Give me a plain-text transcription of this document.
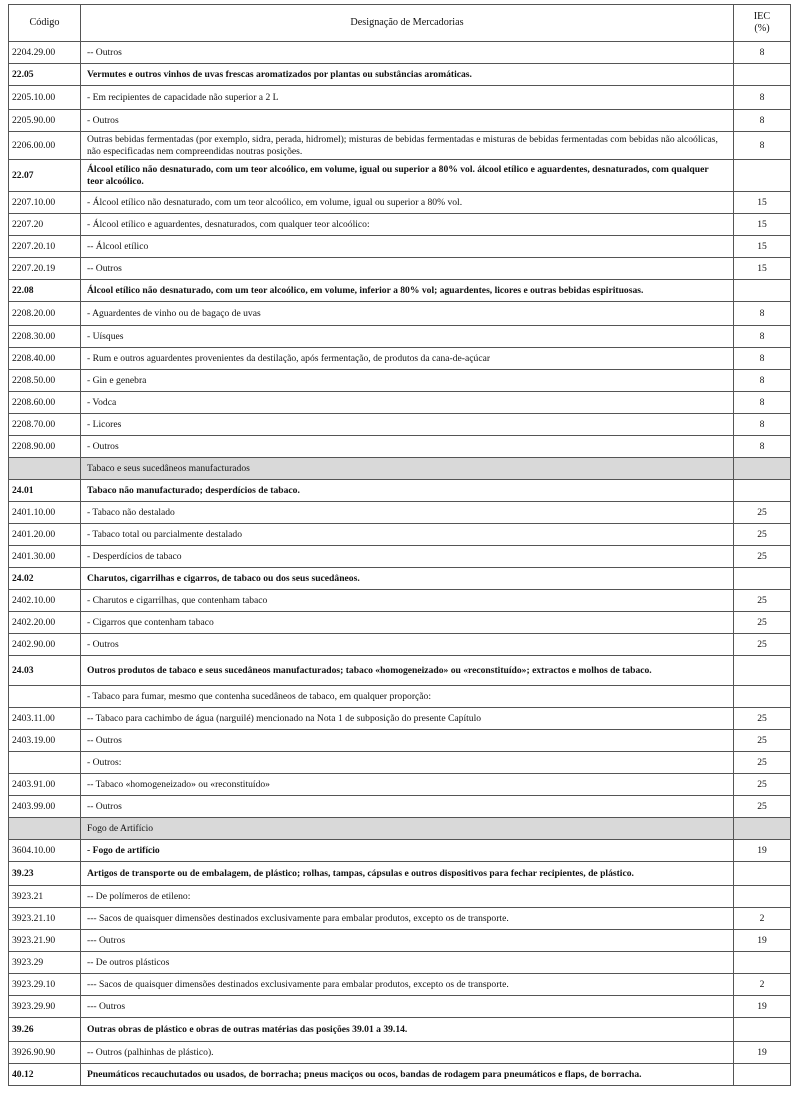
Código	Designação de Mercadorias	IEC
(%)
2204.29.00	-- Outros	8
22.05	Vermutes e outros vinhos de uvas frescas aromatizados por plantas ou substâncias aromáticas.	
2205.10.00	- Em recipientes de capacidade não superior a 2 L	8
2205.90.00	- Outros	8
2206.00.00	Outras bebidas fermentadas (por exemplo, sidra, perada, hidromel); misturas de bebidas fermentadas e misturas de bebidas fermentadas com bebidas não alcoólicas, não especificadas nem compreendidas noutras posições.	8
22.07	Álcool etílico não desnaturado, com um teor alcoólico, em volume, igual ou superior a 80% vol. álcool etílico e aguardentes, desnaturados, com qualquer teor alcoólico.	
2207.10.00	- Álcool etílico não desnaturado, com um teor alcoólico, em volume, igual ou superior a 80% vol.	15
2207.20	- Álcool etílico e aguardentes, desnaturados, com qualquer teor alcoólico:	15
2207.20.10	-- Álcool etílico	15
2207.20.19	-- Outros	15
22.08	Álcool etílico não desnaturado, com um teor alcoólico, em volume, inferior a 80% vol; aguardentes, licores e outras bebidas espirituosas.	
2208.20.00	- Aguardentes de vinho ou de bagaço de uvas	8
2208.30.00	- Uísques	8
2208.40.00	- Rum e outros aguardentes provenientes da destilação, após fermentação, de produtos da cana-de-açúcar	8
2208.50.00	- Gin e genebra	8
2208.60.00	- Vodca	8
2208.70.00	- Licores	8
2208.90.00	- Outros	8
	Tabaco e seus sucedâneos manufacturados	
24.01	Tabaco não manufacturado; desperdícios de tabaco.	
2401.10.00	- Tabaco não destalado	25
2401.20.00	- Tabaco total ou parcialmente destalado	25
2401.30.00	- Desperdícios de tabaco	25
24.02	Charutos, cigarrilhas e cigarros, de tabaco ou dos seus sucedâneos.	
2402.10.00	- Charutos e cigarrilhas, que contenham tabaco	25
2402.20.00	- Cigarros que contenham tabaco	25
2402.90.00	- Outros	25
24.03	Outros produtos de tabaco e seus sucedâneos manufacturados; tabaco «homogeneizado» ou «reconstituído»; extractos e molhos de tabaco.	
	- Tabaco para fumar, mesmo que contenha sucedâneos de tabaco, em qualquer proporção:	
2403.11.00	-- Tabaco para cachimbo de água (narguilé) mencionado na Nota 1 de subposição do presente Capítulo	25
2403.19.00	-- Outros	25
	- Outros:	25
2403.91.00	-- Tabaco «homogeneizado» ou «reconstituído»	25
2403.99.00	-- Outros	25
	Fogo de Artifício	
3604.10.00	- Fogo de artifício	19
39.23	Artigos de transporte ou de embalagem, de plástico; rolhas, tampas, cápsulas e outros dispositivos para fechar recipientes, de plástico.	
3923.21	-- De polímeros de etileno:	
3923.21.10	--- Sacos de quaisquer dimensões destinados exclusivamente para embalar produtos, excepto os de transporte.	2
3923.21.90	--- Outros	19
3923.29	-- De outros plásticos	
3923.29.10	--- Sacos de quaisquer dimensões destinados exclusivamente para embalar produtos, excepto os de transporte.	2
3923.29.90	--- Outros	19
39.26	Outras obras de plástico e obras de outras matérias das posições 39.01 a 39.14.	
3926.90.90	-- Outros (palhinhas de plástico).	19
40.12	Pneumáticos recauchutados ou usados, de borracha; pneus maciços ou ocos, bandas de rodagem para pneumáticos e flaps, de borracha.	
